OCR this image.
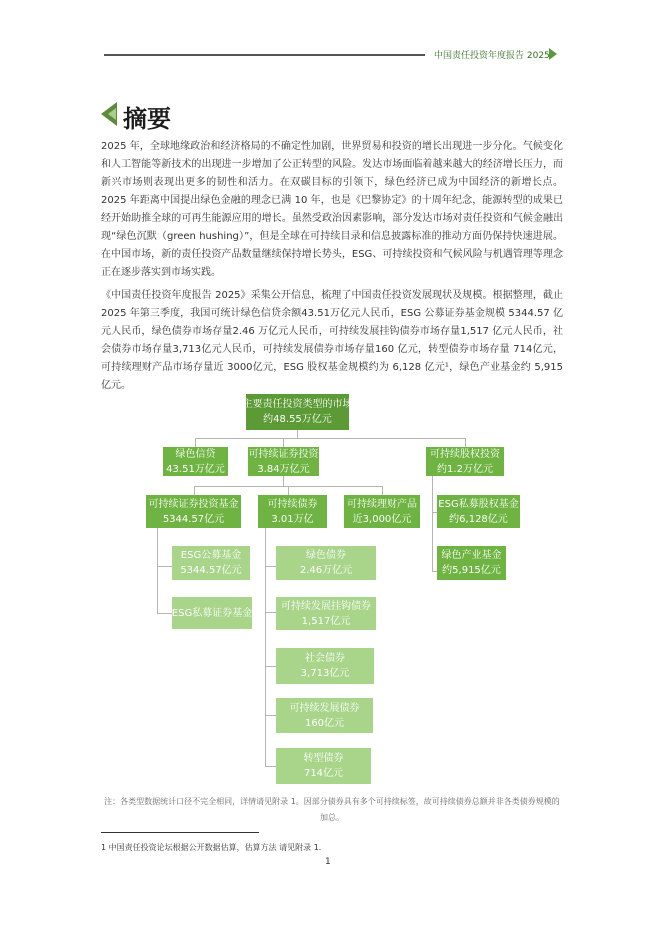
中国责任投资年度报告 2025
摘要
2025 年，全球地缘政治和经济格局的不确定性加剧，世界贸易和投资的增长出现进一步分化。气候变化和人工智能等新技术的出现进一步增加了公正转型的风险。发达市场面临着越来越大的经济增长压力，而新兴市场则表现出更多的韧性和活力。在双碳目标的引领下，绿色经济已成为中国经济的新增长点。2025 年距离中国提出绿色金融的理念已满 10 年，也是《巴黎协定》的十周年纪念，能源转型的成果已经开始助推全球的可再生能源应用的增长。虽然受政治因素影响，部分发达市场对责任投资和气候金融出现“绿色沉默（green hushing）”，但是全球在可持续目录和信息披露标准的推动方面仍保持快速进展。在中国市场，新的责任投资产品数量继续保持增长势头，ESG、可持续投资和气候风险与机遇管理等理念正在逐步落实到市场实践。
《中国责任投资年度报告 2025》采集公开信息，梳理了中国责任投资发展现状及规模。根据整理，截止 2025 年第三季度，我国可统计绿色信贷余额43.51万亿元人民币，ESG 公募证券基金规模 5344.57 亿元人民币，绿色债券市场存量2.46 万亿元人民币，可持续发展挂钩债券市场存量1,517 亿元人民币，社会债券市场存量3,713亿元人民币，可持续发展债券市场存量160 亿元，转型债券市场存量 714亿元，可持续理财产品市场存量近 3000亿元，ESG 股权基金规模约为 6,128 亿元¹，绿色产业基金约 5,915 亿元。
中国主要责任投资类型的市场规模
约48.55万亿元
绿色信贷
43.51万亿元
可持续证券投资
3.84万亿元
可持续股权投资
约1.2万亿元
可持续证券投资基金
5344.57亿元
可持续债券
3.01万亿
可持续理财产品
近3,000亿元
ESG私募股权基金
约6,128亿元
绿色产业基金
约5,915亿元
ESG公募基金
5344.57亿元
ESG私募证券基金
绿色债券
2.46万亿元
可持续发展挂钩债券
1,517亿元
社会债券
3,713亿元
可持续发展债券
160亿元
转型债券
714亿元
注：各类型数据统计口径不完全相同，详情请见附录 1。因部分债券具有多个可持续标签，故可持续债券总额并非各类债券规模的加总。
1 中国责任投资论坛根据公开数据估算，估算方法 请见附录 1.
1
